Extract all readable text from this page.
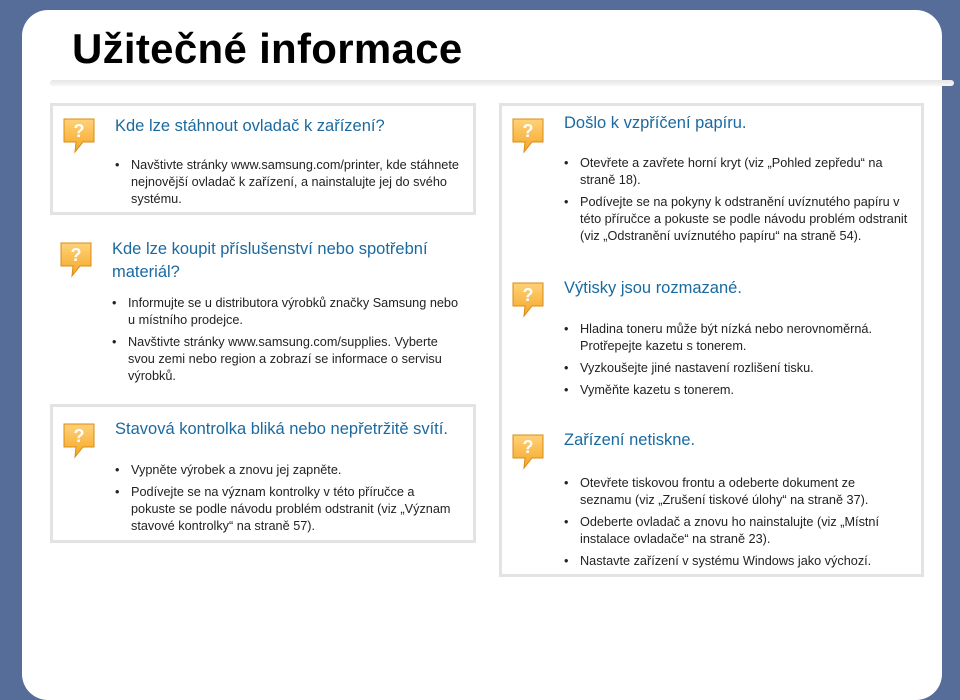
Užitečné informace
? Kde lze stáhnout ovladač k zařízení?
• Navštivte stránky www.samsung.com/printer, kde stáhnete nejnovější ovladač k zařízení, a nainstalujte jej do svého systému.
? Kde lze koupit příslušenství nebo spotřební materiál?
• Informujte se u distributora výrobků značky Samsung nebo u místního prodejce.
• Navštivte stránky www.samsung.com/supplies. Vyberte svou zemi nebo region a zobrazí se informace o servisu výrobků.
? Stavová kontrolka bliká nebo nepřetržitě svítí.
• Vypněte výrobek a znovu jej zapněte.
• Podívejte se na význam kontrolky v této příručce a pokuste se podle návodu problém odstranit (viz „Význam stavové kontrolky“ na straně 57).
? Došlo k vzpříčení papíru.
• Otevřete a zavřete horní kryt (viz „Pohled zepředu“ na straně 18).
• Podívejte se na pokyny k odstranění uvíznutého papíru v této příručce a pokuste se podle návodu problém odstranit (viz „Odstranění uvíznutého papíru“ na straně 54).
? Výtisky jsou rozmazané.
• Hladina toneru může být nízká nebo nerovnoměrná. Protřepejte kazetu s tonerem.
• Vyzkoušejte jiné nastavení rozlišení tisku.
• Vyměňte kazetu s tonerem.
? Zařízení netiskne.
• Otevřete tiskovou frontu a odeberte dokument ze seznamu (viz „Zrušení tiskové úlohy“ na straně 37).
• Odeberte ovladač a znovu ho nainstalujte (viz „Místní instalace ovladače“ na straně 23).
• Nastavte zařízení v systému Windows jako výchozí.
